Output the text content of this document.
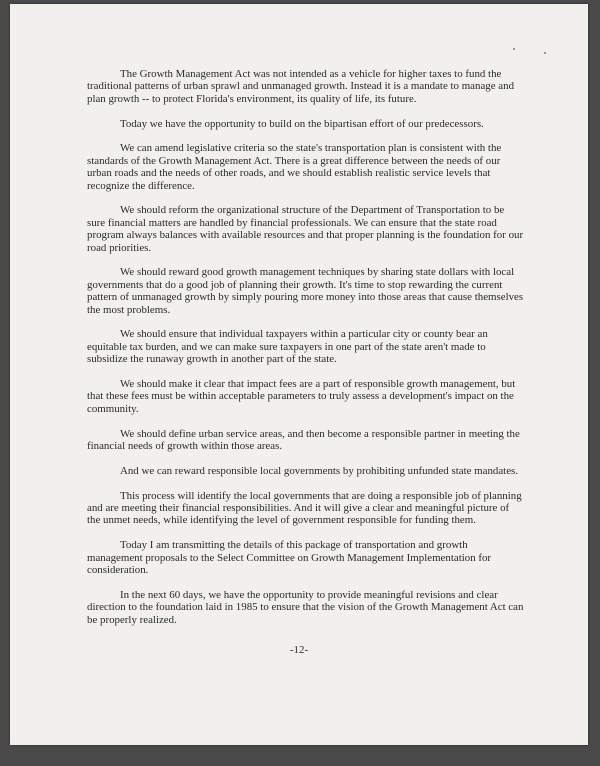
The Growth Management Act was not intended as a vehicle for higher taxes to fund the traditional patterns of urban sprawl and unmanaged growth. Instead it is a mandate to manage and plan growth -- to protect Florida's environment, its quality of life, its future.

Today we have the opportunity to build on the bipartisan effort of our predecessors.

We can amend legislative criteria so the state's transportation plan is consistent with the standards of the Growth Management Act. There is a great difference between the needs of our urban roads and the needs of other roads, and we should establish realistic service levels that recognize the difference.

We should reform the organizational structure of the Department of Transportation to be sure financial matters are handled by financial professionals. We can ensure that the state road program always balances with available resources and that proper planning is the foundation for our road priorities.

We should reward good growth management techniques by sharing state dollars with local governments that do a good job of planning their growth. It's time to stop rewarding the current pattern of unmanaged growth by simply pouring more money into those areas that cause themselves the most problems.

We should ensure that individual taxpayers within a particular city or county bear an equitable tax burden, and we can make sure taxpayers in one part of the state aren't made to subsidize the runaway growth in another part of the state.

We should make it clear that impact fees are a part of responsible growth management, but that these fees must be within acceptable parameters to truly assess a development's impact on the community.

We should define urban service areas, and then become a responsible partner in meeting the financial needs of growth within those areas.

And we can reward responsible local governments by prohibiting unfunded state mandates.

This process will identify the local governments that are doing a responsible job of planning and are meeting their financial responsibilities. And it will give a clear and meaningful picture of the unmet needs, while identifying the level of government responsible for funding them.

Today I am transmitting the details of this package of transportation and growth management proposals to the Select Committee on Growth Management Implementation for consideration.

In the next 60 days, we have the opportunity to provide meaningful revisions and clear direction to the foundation laid in 1985 to ensure that the vision of the Growth Management Act can be properly realized.

-12-
